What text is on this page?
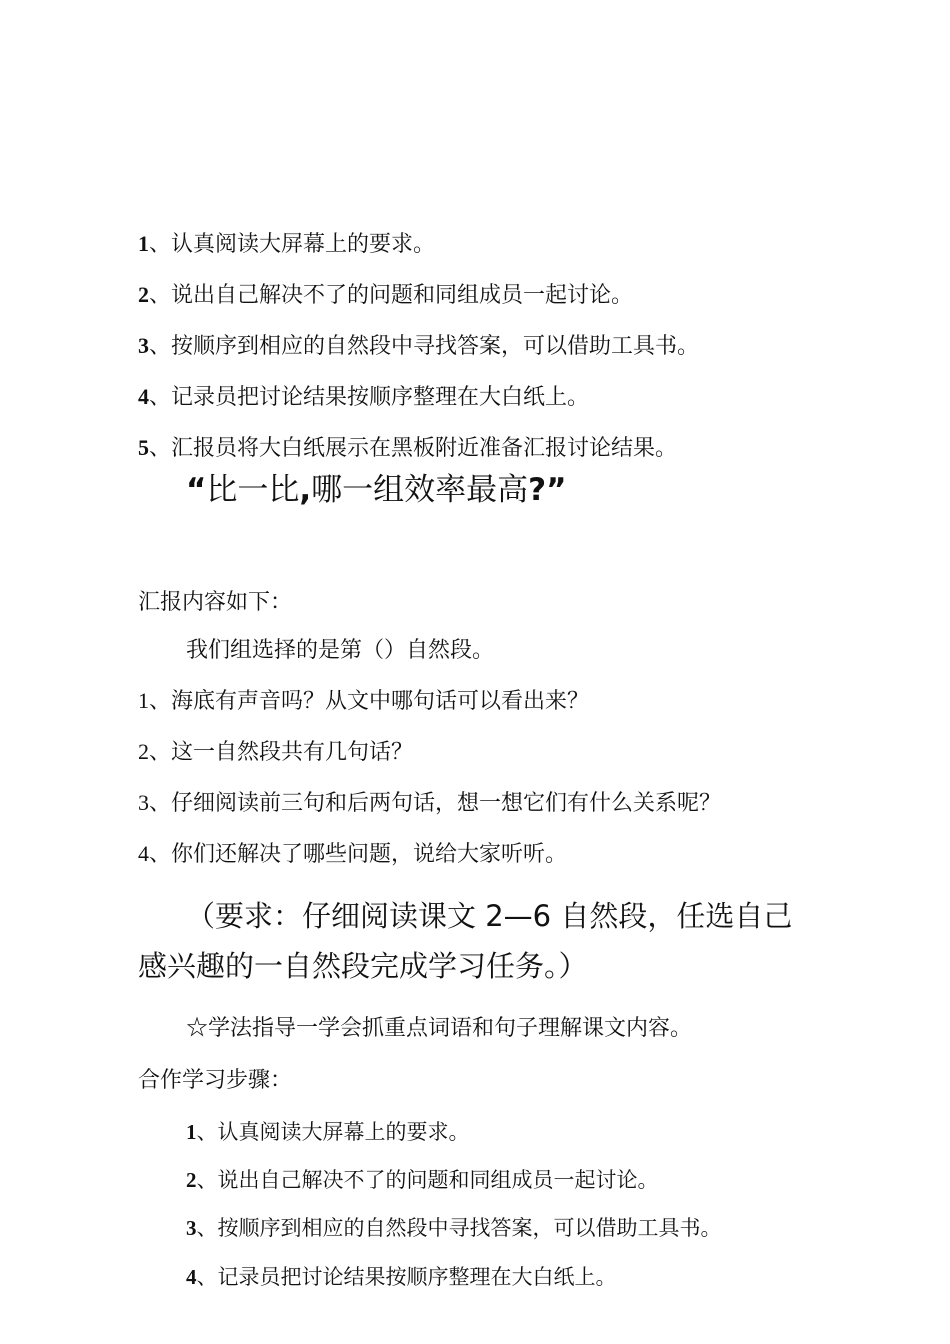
1、认真阅读大屏幕上的要求。
2、说出自己解决不了的问题和同组成员一起讨论。
3、按顺序到相应的自然段中寻找答案，可以借助工具书。
4、记录员把讨论结果按顺序整理在大白纸上。
5、汇报员将大白纸展示在黑板附近准备汇报讨论结果。
“比一比,哪一组效率最高?”
汇报内容如下：
我们组选择的是第（）自然段。
1、海底有声音吗？从文中哪句话可以看出来？
2、这一自然段共有几句话？
3、仔细阅读前三句和后两句话，想一想它们有什么关系呢？
4、你们还解决了哪些问题，说给大家听听。
（要求：仔细阅读课文 2—6 自然段，任选自己
感兴趣的一自然段完成学习任务。）
☆学法指导一学会抓重点词语和句子理解课文内容。
合作学习步骤：
1、认真阅读大屏幕上的要求。
2、说出自己解决不了的问题和同组成员一起讨论。
3、按顺序到相应的自然段中寻找答案，可以借助工具书。
4、记录员把讨论结果按顺序整理在大白纸上。
